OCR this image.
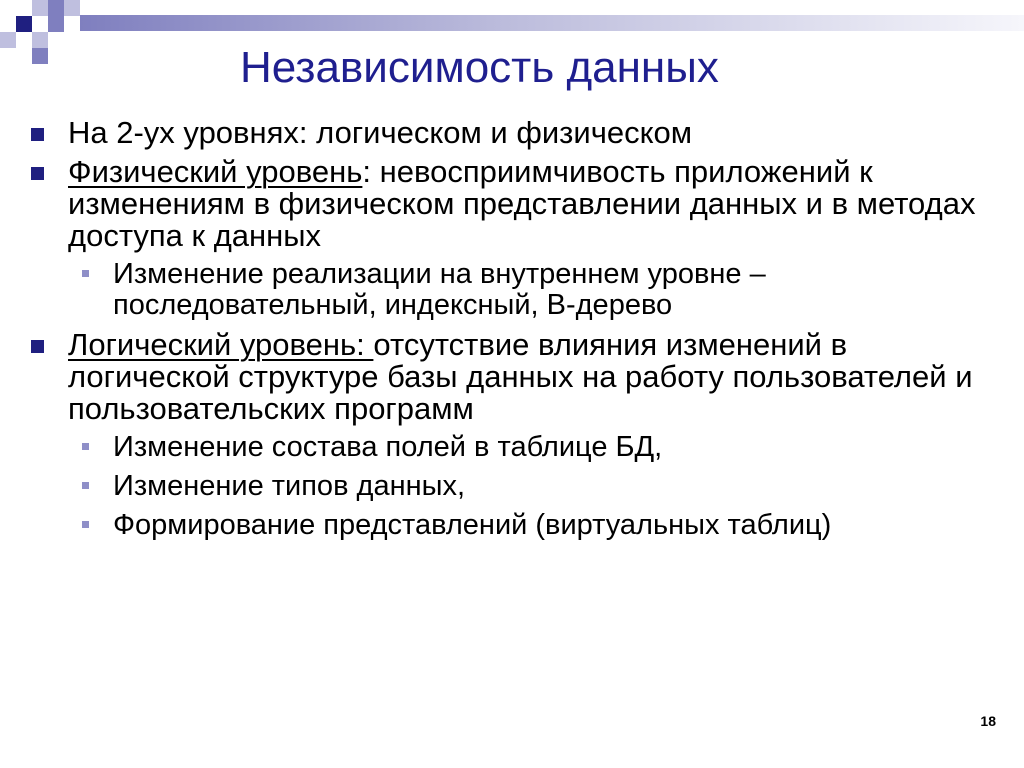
Независимость данных
На 2-ух уровнях: логическом и физическом
Физический уровень: невосприимчивость приложений к изменениям в физическом представлении данных и в методах доступа к данных
Изменение реализации на внутреннем уровне – последовательный, индексный, В-дерево
Логический уровень: отсутствие влияния изменений в логической структуре базы данных на работу пользователей и пользовательских программ
Изменение состава полей в таблице БД,
Изменение типов данных,
Формирование представлений (виртуальных таблиц)
18
